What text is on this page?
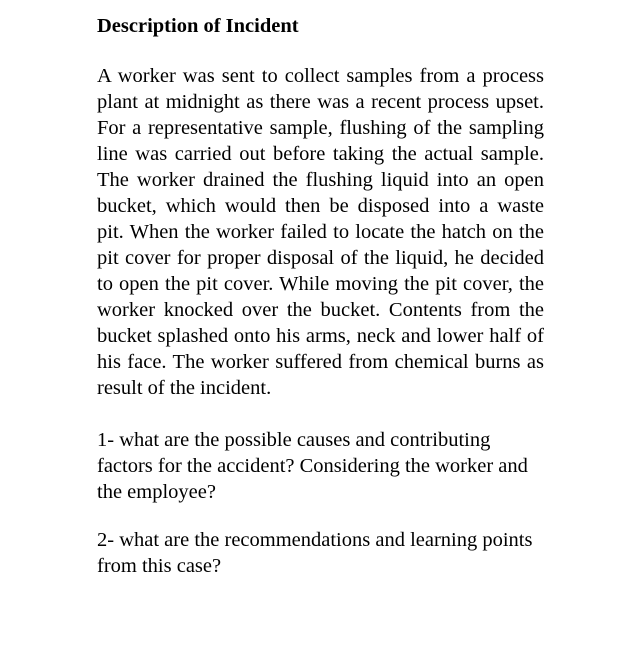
Description of Incident

A worker was sent to collect samples from a process plant at midnight as there was a recent process upset. For a representative sample, flushing of the sampling line was carried out before taking the actual sample. The worker drained the flushing liquid into an open bucket, which would then be disposed into a waste pit. When the worker failed to locate the hatch on the pit cover for proper disposal of the liquid, he decided to open the pit cover. While moving the pit cover, the worker knocked over the bucket. Contents from the bucket splashed onto his arms, neck and lower half of his face. The worker suffered from chemical burns as result of the incident.

1- what are the possible causes and contributing factors for the accident? Considering the worker and the employee?

2- what are the recommendations and learning points from this case?
